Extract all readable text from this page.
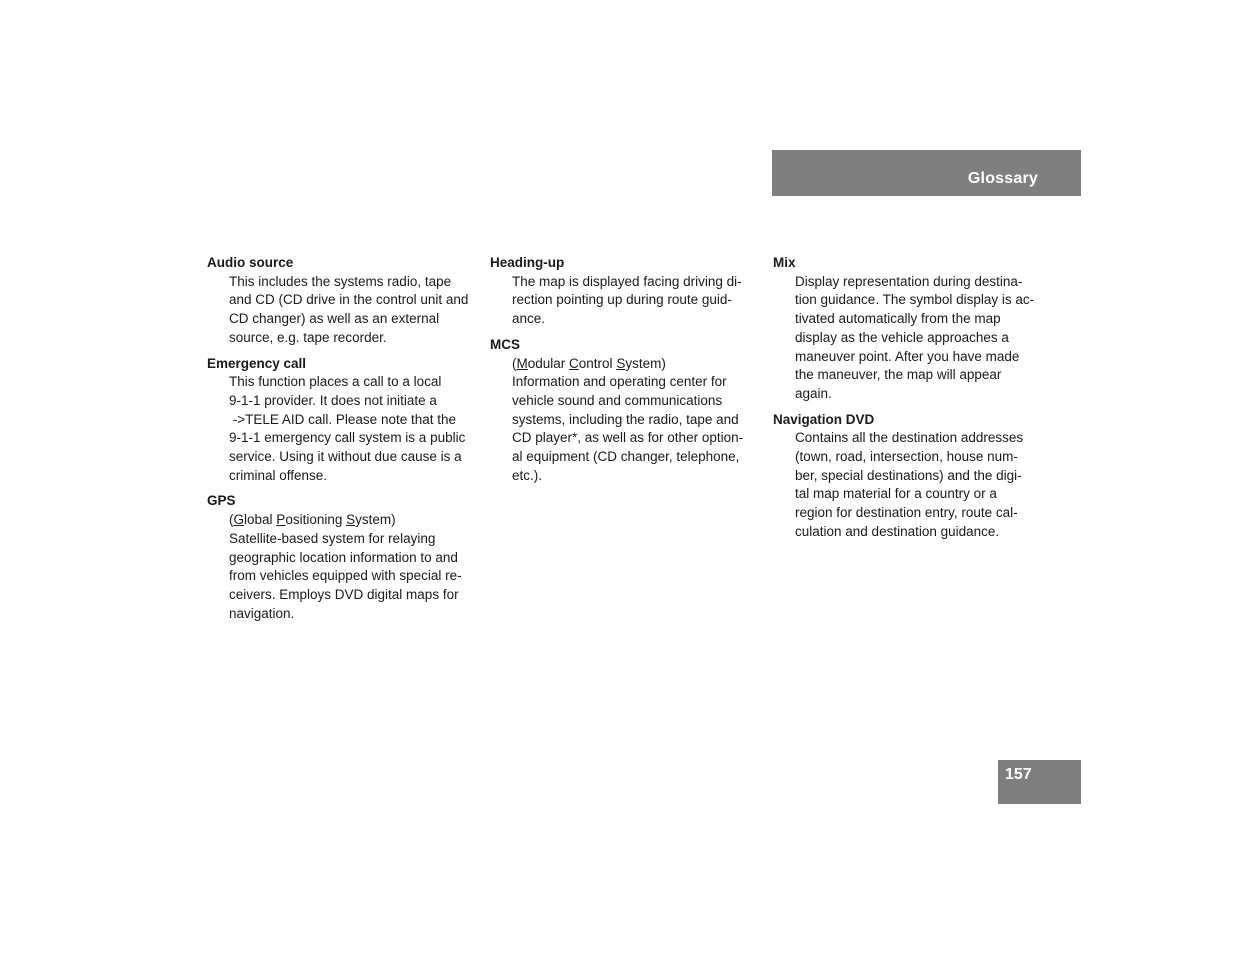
Glossary

Audio source

This includes the systems radio, tape
and CD (CD drive in the control unit and
CD changer) as well as an external
source, e.g. tape recorder.

Emergency call

This function places a call to a local
9-1-1 provider. It does not initiate a
->TELE AID call. Please note that the
9-1-1 emergency call system is a public
service. Using it without due cause is a
criminal offense.

GPS

(Global Positioning System)
Satellite-based system for relaying
geographic location information to and
from vehicles equipped with special re-
ceivers. Employs DVD digital maps for
navigation.

Heading-up

The map is displayed facing driving di-
rection pointing up during route guid-
ance.

MCS

(Modular Control System)
Information and operating center for
vehicle sound and communications
systems, including the radio, tape and
CD player*, as well as for other option-
al equipment (CD changer, telephone,
etc.).

Mix

Display representation during destina-
tion guidance. The symbol display is ac-
tivated automatically from the map
display as the vehicle approaches a
maneuver point. After you have made
the maneuver, the map will appear
again.

Navigation DVD

Contains all the destination addresses
(town, road, intersection, house num-
ber, special destinations) and the digi-
tal map material for a country or a
region for destination entry, route cal-
culation and destination guidance.

157
